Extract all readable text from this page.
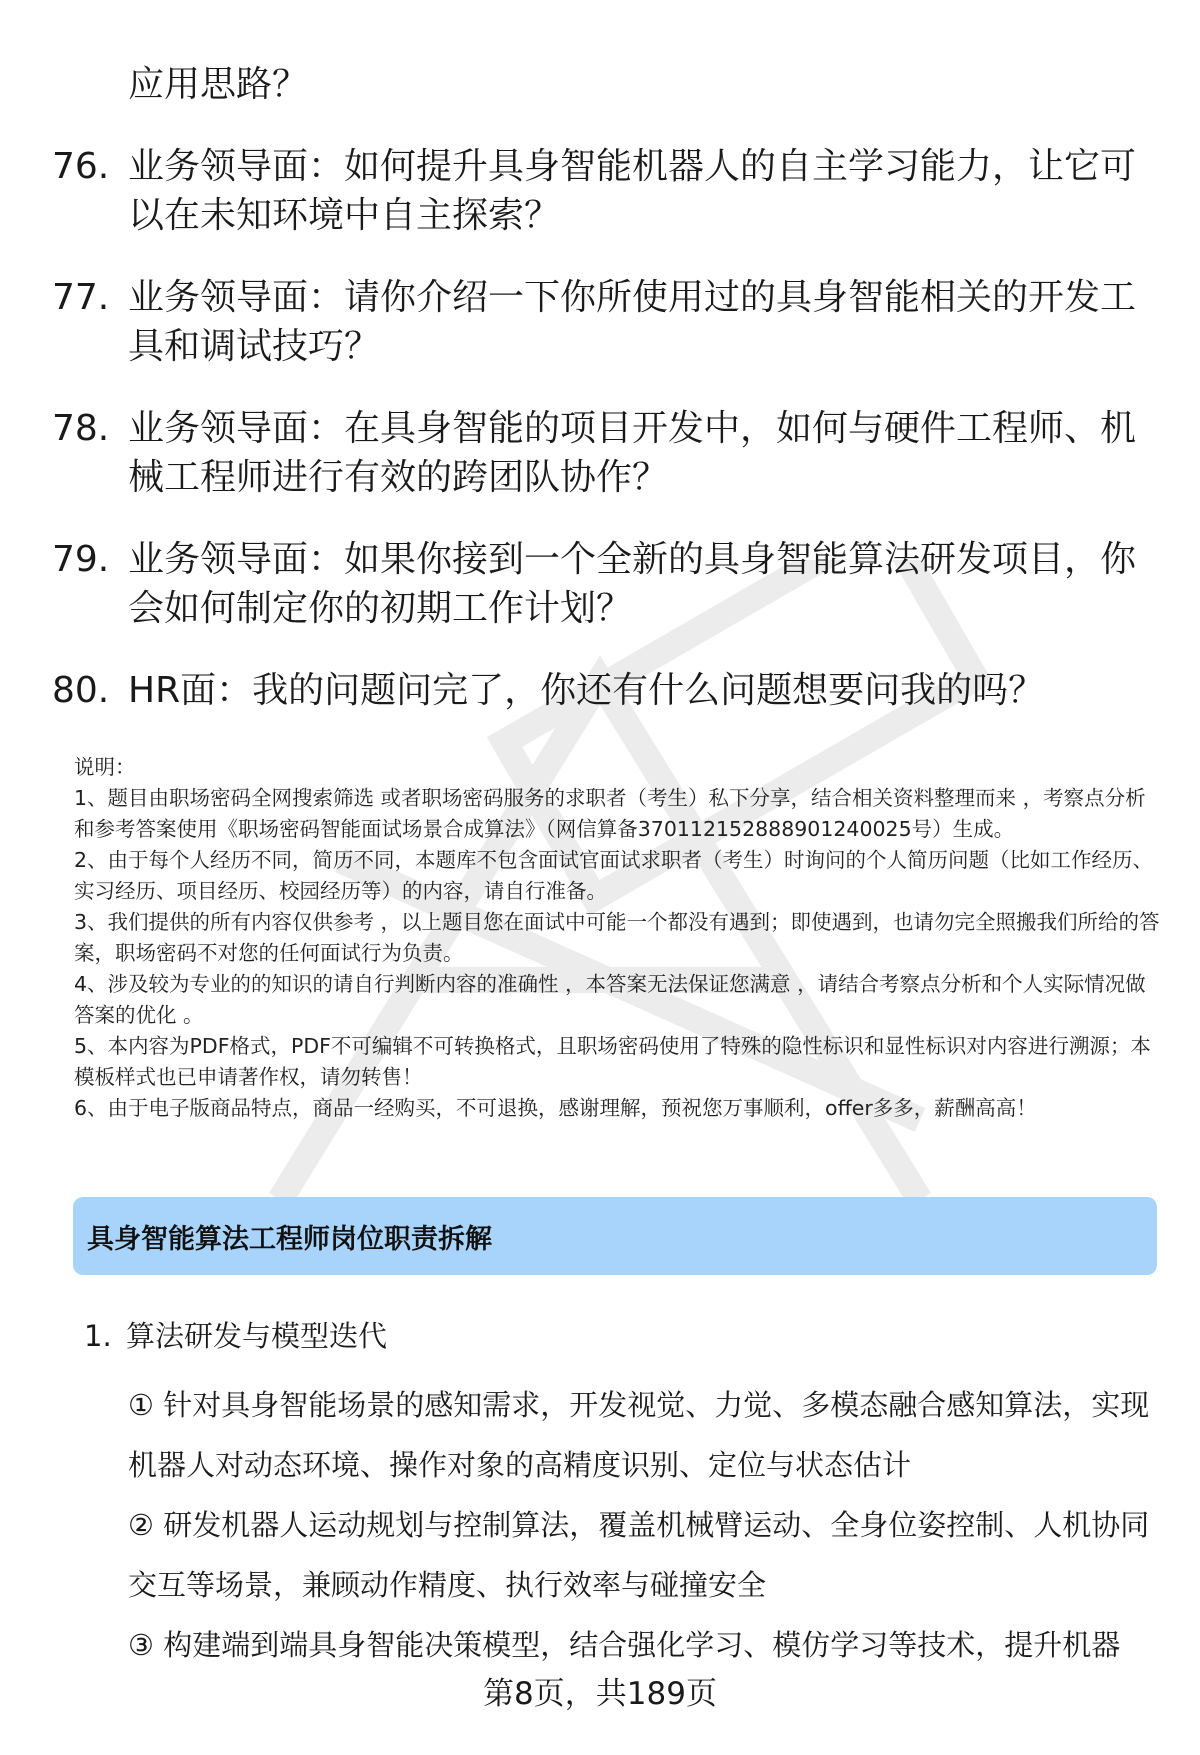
应用思路？
76. 业务领导面：如何提升具身智能机器人的自主学习能力，让它可以在未知环境中自主探索？
77. 业务领导面：请你介绍一下你所使用过的具身智能相关的开发工具和调试技巧？
78. 业务领导面：在具身智能的项目开发中，如何与硬件工程师、机械工程师进行有效的跨团队协作？
79. 业务领导面：如果你接到一个全新的具身智能算法研发项目，你会如何制定你的初期工作计划？
80. HR面：我的问题问完了，你还有什么问题想要问我的吗？

说明：

1、题目由职场密码全网搜索筛选 或者职场密码服务的求职者（考生）私下分享，结合相关资料整理而来 ，考察点分析和参考答案使用《职场密码智能面试场景合成算法》（网信算备370112152888901240025号）生成。

2、由于每个人经历不同，简历不同，本题库不包含面试官面试求职者（考生）时询问的个人简历问题（比如工作经历、实习经历、项目经历、校园经历等）的内容，请自行准备。

3、我们提供的所有内容仅供参考 ，以上题目您在面试中可能一个都没有遇到；即使遇到，也请勿完全照搬我们所给的答案，职场密码不对您的任何面试行为负责。

4、涉及较为专业的的知识的请自行判断内容的准确性 ，本答案无法保证您满意 ，请结合考察点分析和个人实际情况做答案的优化 。

5、本内容为PDF格式，PDF不可编辑不可转换格式，且职场密码使用了特殊的隐性标识和显性标识对内容进行溯源；本模板样式也已申请著作权，请勿转售！

6、由于电子版商品特点，商品一经购买，不可退换，感谢理解，预祝您万事顺利，offer多多，薪酬高高！

具身智能算法工程师岗位职责拆解
1. 算法研发与模型迭代

① 针对具身智能场景的感知需求，开发视觉、力觉、多模态融合感知算法，实现机器人对动态环境、操作对象的高精度识别、定位与状态估计

② 研发机器人运动规划与控制算法，覆盖机械臂运动、全身位姿控制、人机协同交互等场景，兼顾动作精度、执行效率与碰撞安全

③ 构建端到端具身智能决策模型，结合强化学习、模仿学习等技术，提升机器

第8页，共189页
